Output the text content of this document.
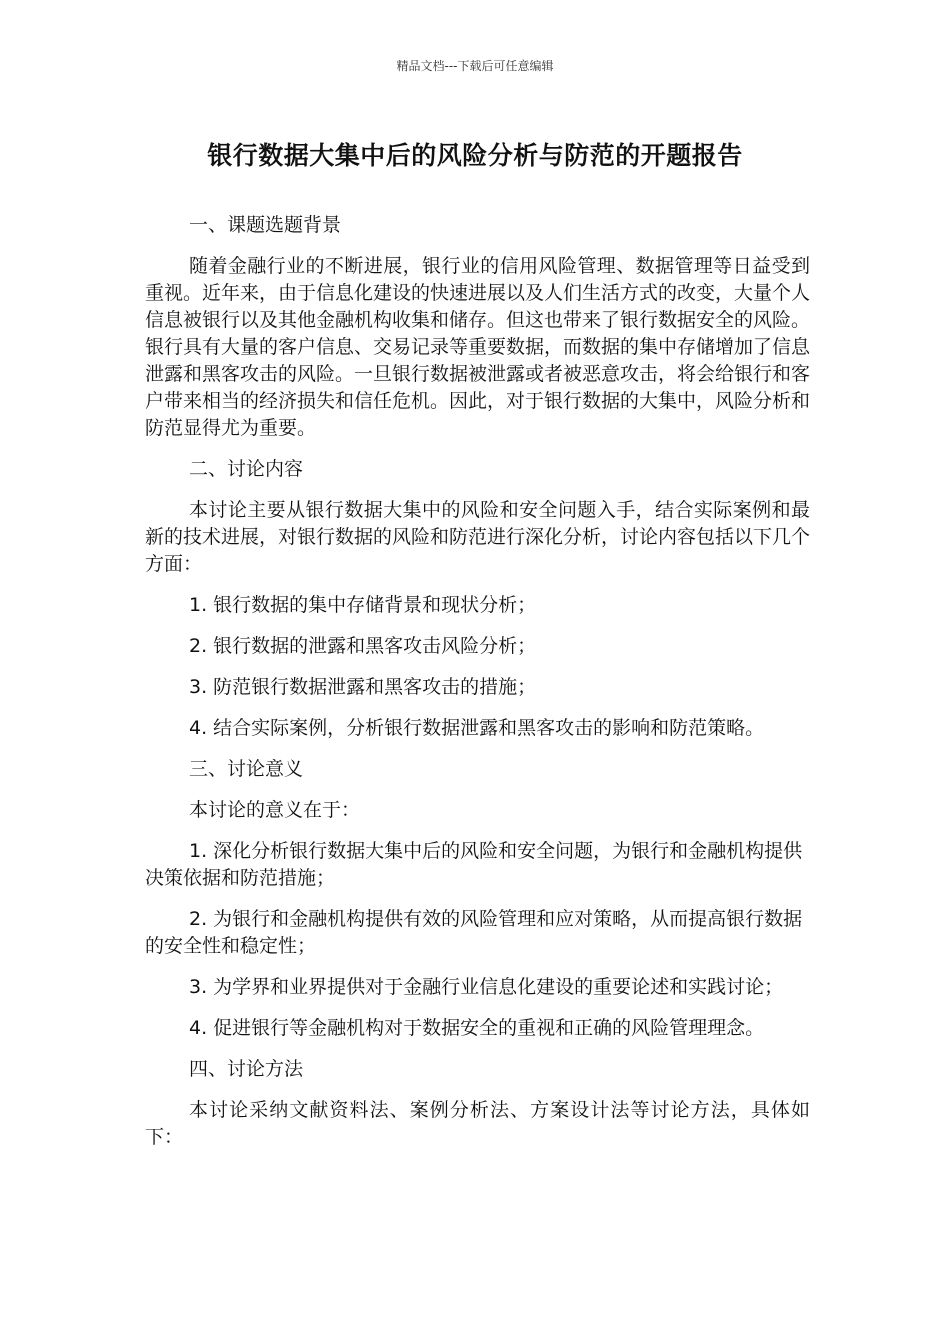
精品文档---下载后可任意编辑
银行数据大集中后的风险分析与防范的开题报告

一、课题选题背景

随着金融行业的不断进展，银行业的信用风险管理、数据管理等日益受到重视。近年来，由于信息化建设的快速进展以及人们生活方式的改变，大量个人信息被银行以及其他金融机构收集和储存。但这也带来了银行数据安全的风险。银行具有大量的客户信息、交易记录等重要数据，而数据的集中存储增加了信息泄露和黑客攻击的风险。一旦银行数据被泄露或者被恶意攻击，将会给银行和客户带来相当的经济损失和信任危机。因此，对于银行数据的大集中，风险分析和防范显得尤为重要。

二、讨论内容

本讨论主要从银行数据大集中的风险和安全问题入手，结合实际案例和最新的技术进展，对银行数据的风险和防范进行深化分析，讨论内容包括以下几个方面：

1. 银行数据的集中存储背景和现状分析；

2. 银行数据的泄露和黑客攻击风险分析；

3. 防范银行数据泄露和黑客攻击的措施；

4. 结合实际案例，分析银行数据泄露和黑客攻击的影响和防范策略。

三、讨论意义

本讨论的意义在于：

1. 深化分析银行数据大集中后的风险和安全问题，为银行和金融机构提供决策依据和防范措施；

2. 为银行和金融机构提供有效的风险管理和应对策略，从而提高银行数据的安全性和稳定性；

3. 为学界和业界提供对于金融行业信息化建设的重要论述和实践讨论；

4. 促进银行等金融机构对于数据安全的重视和正确的风险管理理念。

四、讨论方法

本讨论采纳文献资料法、案例分析法、方案设计法等讨论方法，具体如下：
